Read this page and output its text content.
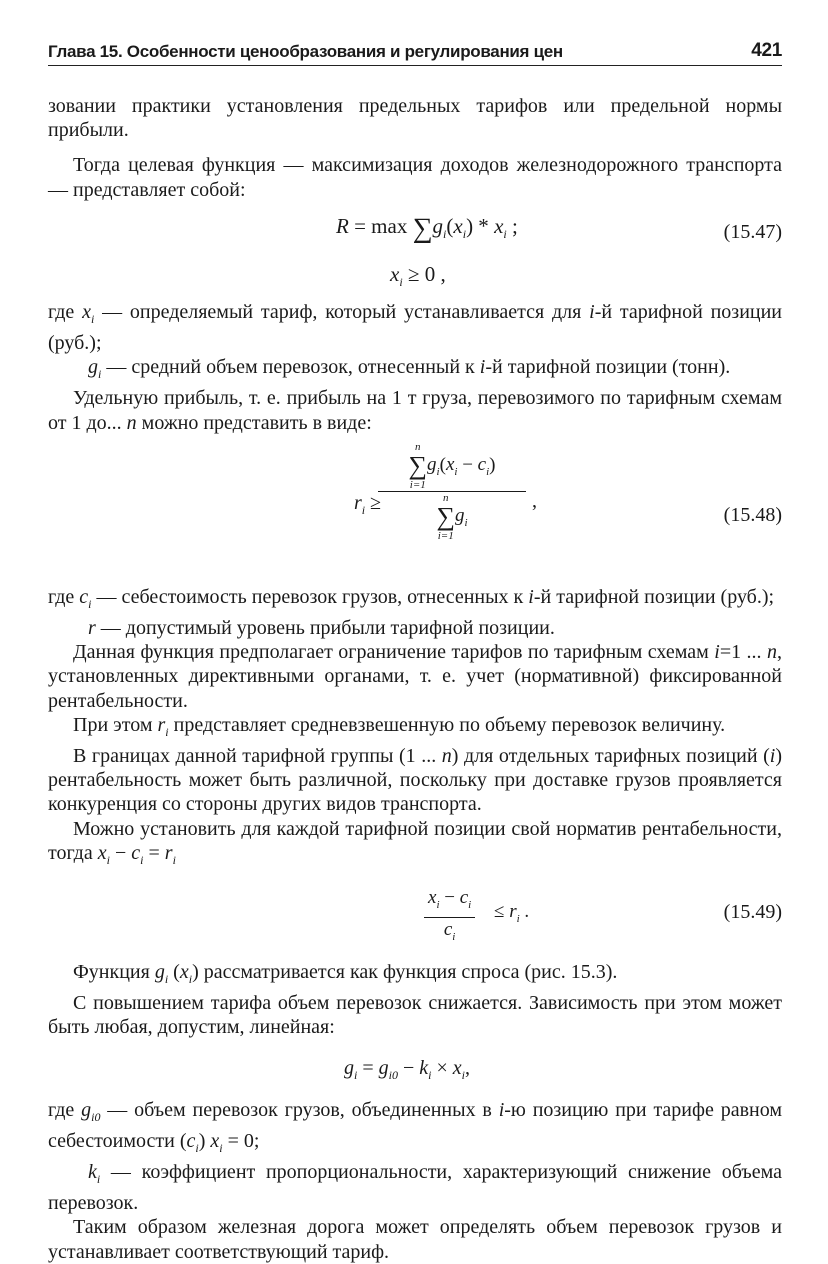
Глава 15. Особенности ценообразования и регулирования цен	421

зовании практики установления предельных тарифов или предельной нормы прибыли.

Тогда целевая функция — максимизация доходов железнодорожного транспорта — представляет собой:

$R = \max \sum g_i(x_i) * x_i$ ;	(15.47)
$x_i \ge 0$ ,

где $x_i$ — определяемый тариф, который устанавливается для i-й тарифной позиции (руб.);

$g_i$ — средний объем перевозок, отнесенный к i-й тарифной позиции (тонн).

Удельную прибыль, т. е. прибыль на 1 т груза, перевозимого по тарифным схемам от 1 до... n можно представить в виде:

$r_i$ ≥
n
∑
i=1
$g_i(x_i - c_i)$
n
∑
i=1
$g_i$ ,
(15.48)

где $c_i$ — себестоимость перевозок грузов, отнесенных к i-й тарифной позиции (руб.);

r — допустимый уровень прибыли тарифной позиции.

Данная функция предполагает ограничение тарифов по тарифным схемам i=1 ... n, установленных директивными органами, т. е. учет (нормативной) фиксированной рентабельности.

При этом $r_i$ представляет средневзвешенную по объему перевозок величину.

В границах данной тарифной группы (1 ... n) для отдельных тарифных позиций (i) рентабельность может быть различной, поскольку при доставке грузов проявляется конкуренция со стороны других видов транспорта.

Можно установить для каждой тарифной позиции свой норматив рентабельности, тогда $x_i - c_i = r_i$

$\frac{x_i - c_i}{c_i} \le r_i$ .	(15.49)

Функция $g_i$ $(x_i)$ рассматривается как функция спроса (рис. 15.3).

С повышением тарифа объем перевозок снижается. Зависимость при этом может быть любая, допустим, линейная:

$g_i = g_{i0} - k_i \times x_i$,

где $g_{i0}$ — объем перевозок грузов, объединенных в i-ю позицию при тарифе равном себестоимости $(c_i) x_i = 0$;

$k_i$ — коэффициент пропорциональности, характеризующий снижение объема перевозок.

Таким образом железная дорога может определять объем перевозок грузов и устанавливает соответствующий тариф.
